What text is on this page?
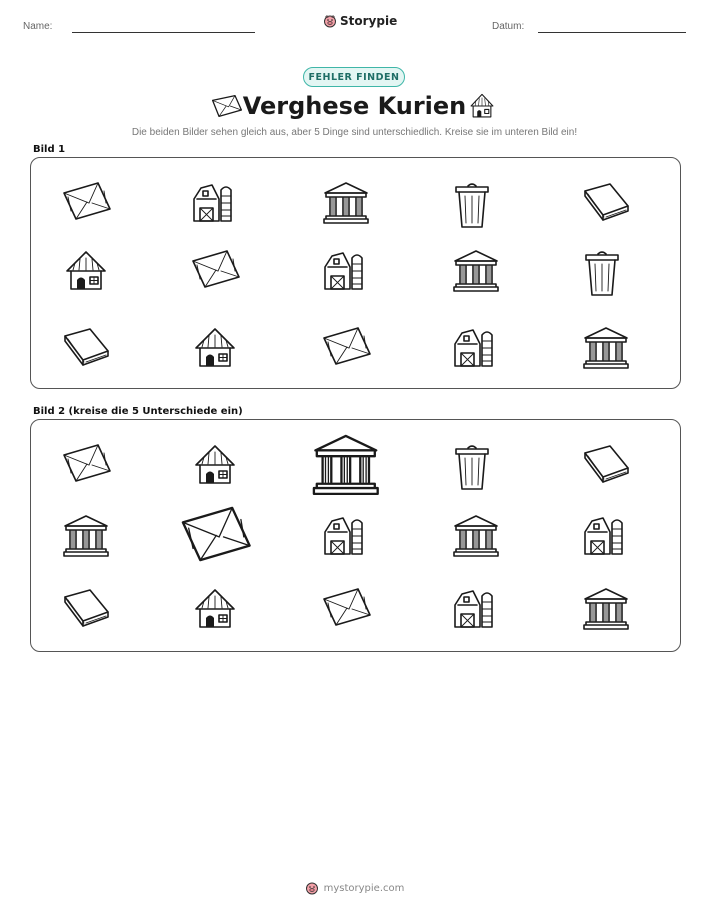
Name:	Storypie	Datum:
FEHLER FINDEN
Verghese Kurien
Die beiden Bilder sehen gleich aus, aber 5 Dinge sind unterschiedlich. Kreise sie im unteren Bild ein!
Bild 1
Bild 2 (kreise die 5 Unterschiede ein)
mystorypie.com
